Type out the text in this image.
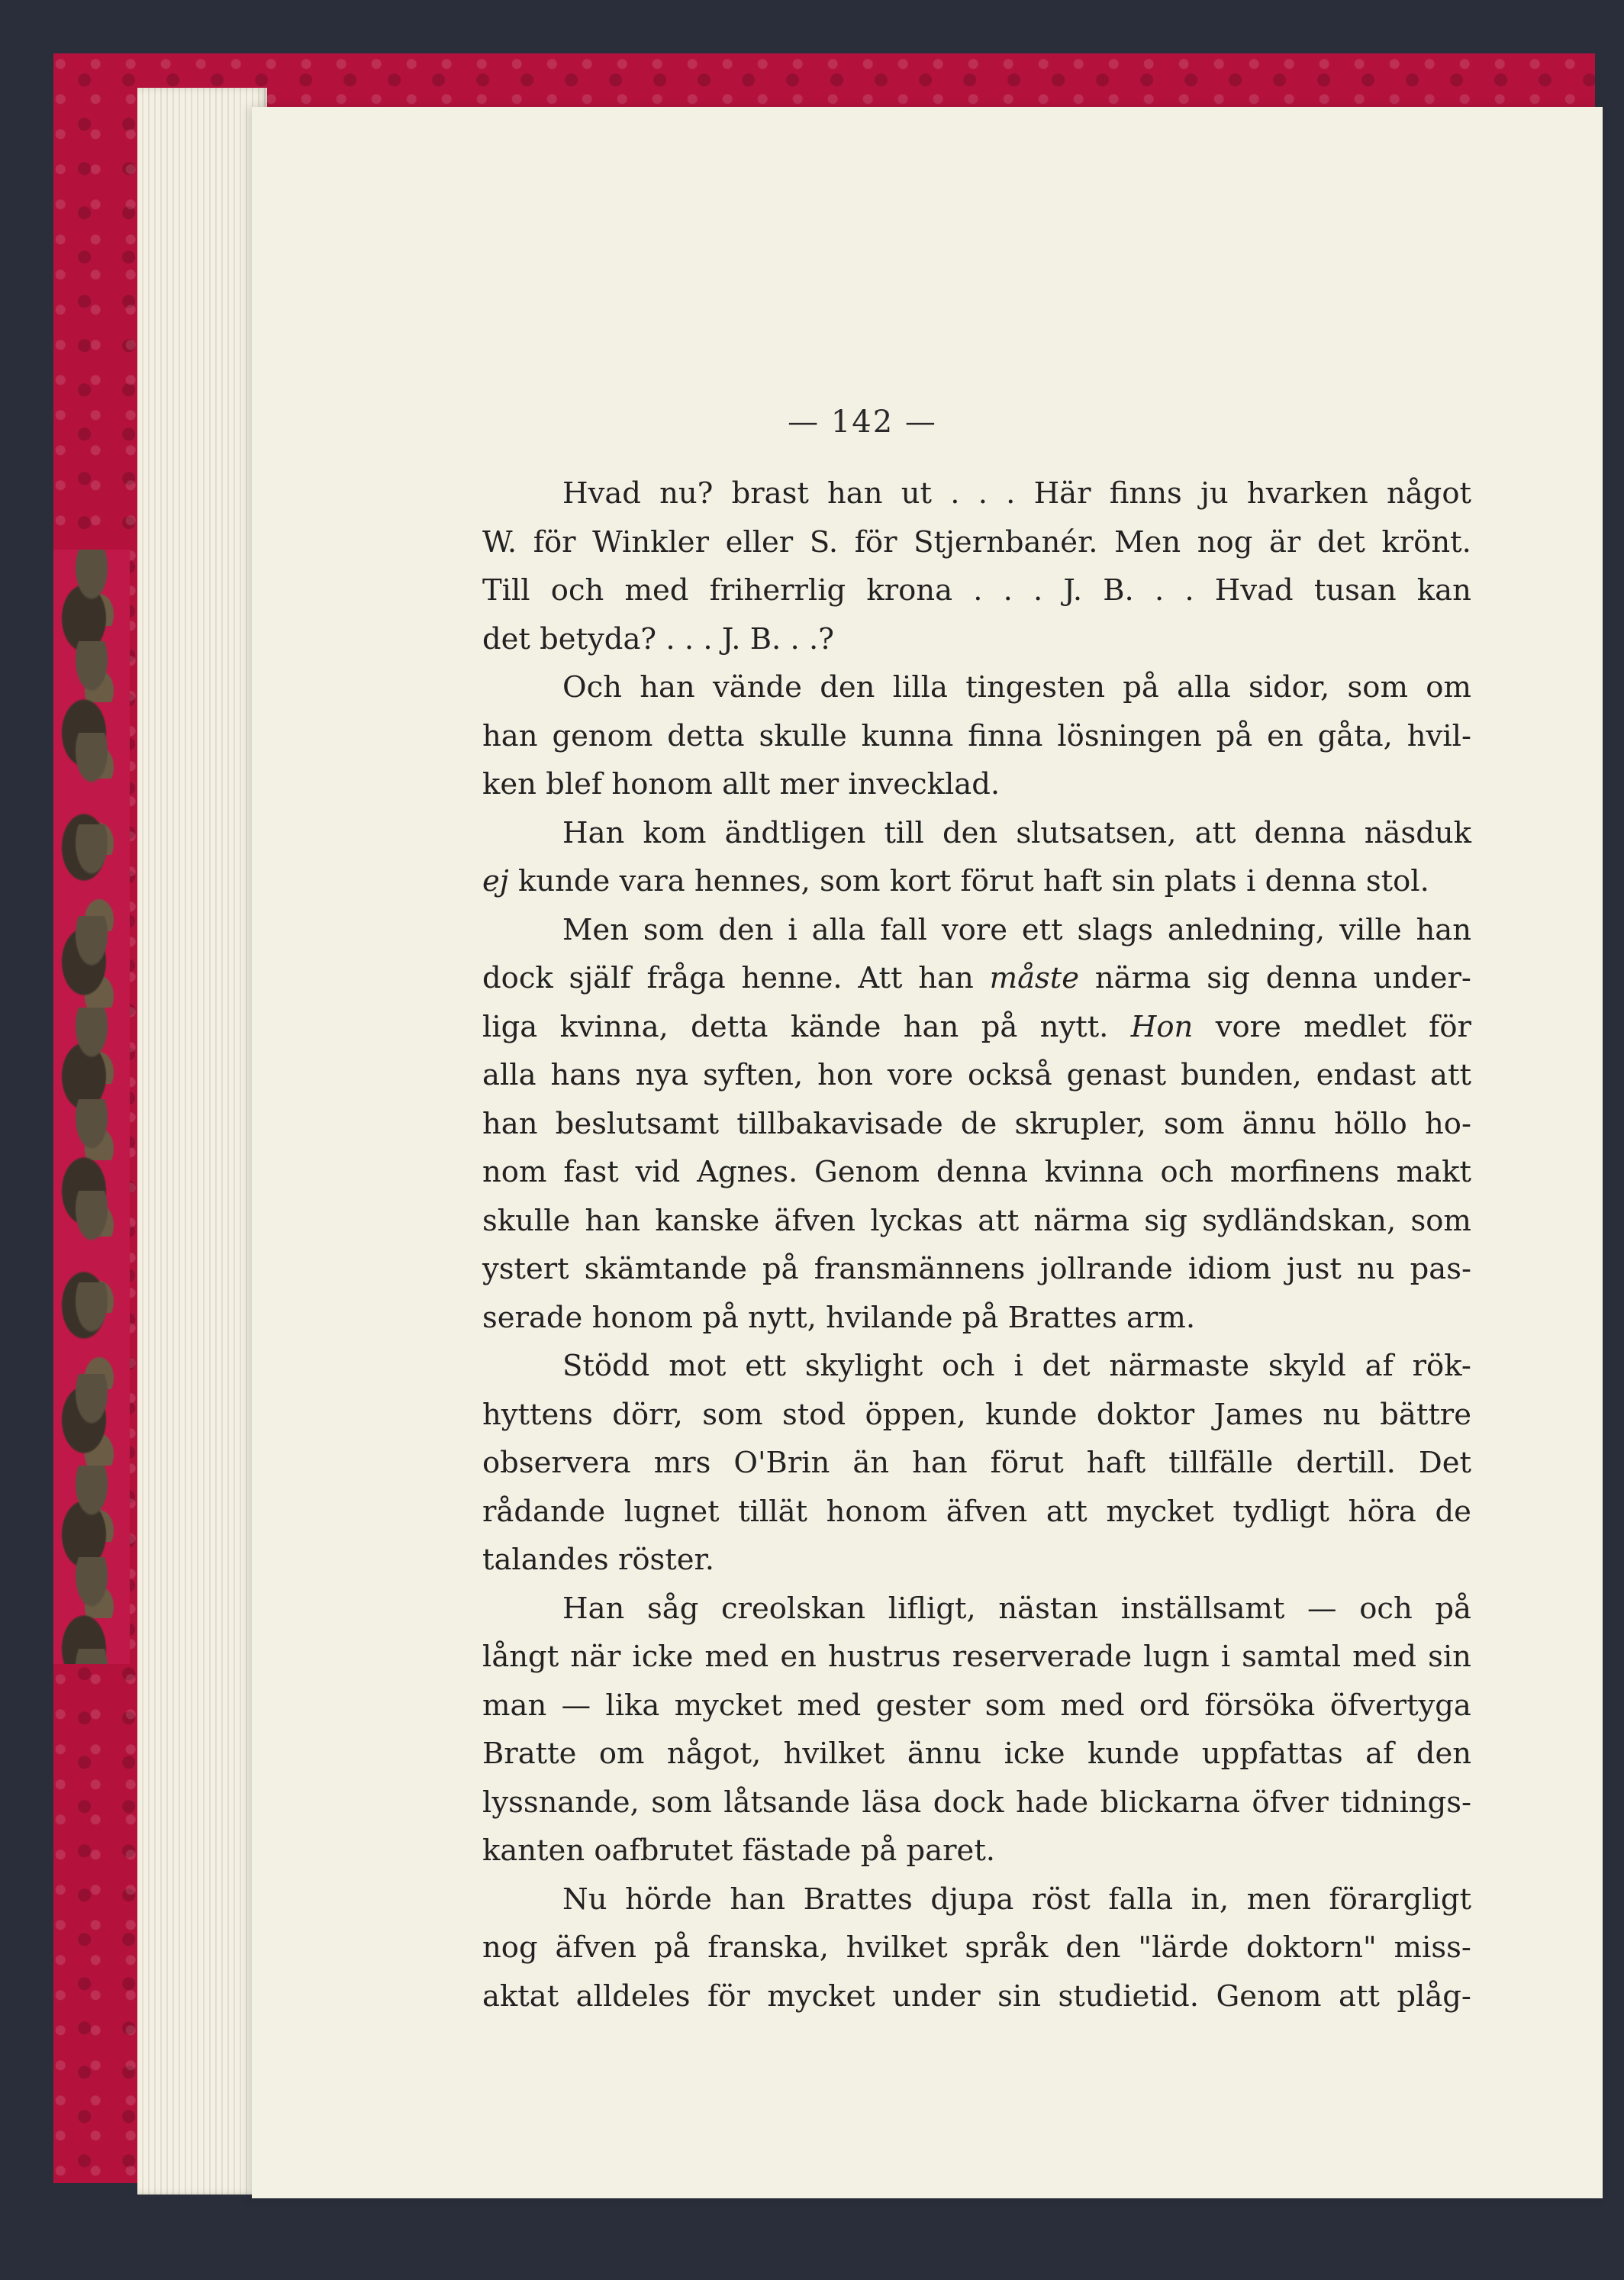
— 142 —
Hvad nu? brast han ut . . . Här finns ju hvarken något
W. för Winkler eller S. för Stjernbanér. Men nog är det krönt.
Till och med friherrlig krona . . . J. B. . . Hvad tusan kan
det betyda? . . . J. B. . .?
Och han vände den lilla tingesten på alla sidor, som om
han genom detta skulle kunna finna lösningen på en gåta, hvil-
ken blef honom allt mer invecklad.
Han kom ändtligen till den slutsatsen, att denna näsduk
ej kunde vara hennes, som kort förut haft sin plats i denna stol.
Men som den i alla fall vore ett slags anledning, ville han
dock själf fråga henne. Att han måste närma sig denna under-
liga kvinna, detta kände han på nytt. Hon vore medlet för
alla hans nya syften, hon vore också genast bunden, endast att
han beslutsamt tillbakavisade de skrupler, som ännu höllo ho-
nom fast vid Agnes. Genom denna kvinna och morfinens makt
skulle han kanske äfven lyckas att närma sig sydländskan, som
ystert skämtande på fransmännens jollrande idiom just nu pas-
serade honom på nytt, hvilande på Brattes arm.
Stödd mot ett skylight och i det närmaste skyld af rök-
hyttens dörr, som stod öppen, kunde doktor James nu bättre
observera mrs O'Brin än han förut haft tillfälle dertill. Det
rådande lugnet tillät honom äfven att mycket tydligt höra de
talandes röster.
Han såg creolskan lifligt, nästan inställsamt — och på
långt när icke med en hustrus reserverade lugn i samtal med sin
man — lika mycket med gester som med ord försöka öfvertyga
Bratte om något, hvilket ännu icke kunde uppfattas af den
lyssnande, som låtsande läsa dock hade blickarna öfver tidnings-
kanten oafbrutet fästade på paret.
Nu hörde han Brattes djupa röst falla in, men förargligt
nog äfven på franska, hvilket språk den "lärde doktorn" miss-
aktat alldeles för mycket under sin studietid. Genom att plåg-
